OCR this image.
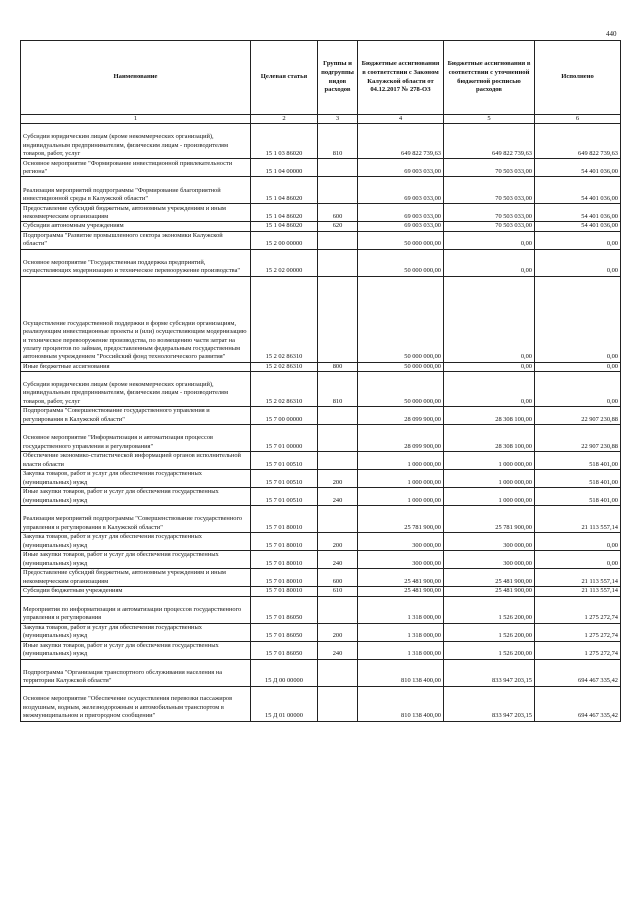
440
Наименование	Целевая статья	Группы и подгруппы видов расходов	Бюджетные ассигнования в соответствии с Законом Калужской области от 04.12.2017 № 278-ОЗ	Бюджетные ассигнования в соответствии с уточненной бюджетной росписью расходов	Исполнено
1	2	3	4	5	6
Субсидии юридическим лицам (кроме некоммерческих организаций), индивидуальным предпринимателям, физическим лицам - производителям товаров, работ, услуг	15 1 03 86020	810	649 822 739,63	649 822 739,63	649 822 739,63
Основное мероприятие "Формирование инвестиционной привлекательности региона"	15 1 04 00000		69 003 033,00	70 503 033,00	54 401 036,00
Реализация мероприятий подпрограммы "Формирование благоприятной инвестиционной среды в Калужской области"	15 1 04 86020		69 003 033,00	70 503 033,00	54 401 036,00
Предоставление субсидий бюджетным, автономным учреждениям и иным некоммерческим организациям	15 1 04 86020	600	69 003 033,00	70 503 033,00	54 401 036,00
Субсидии автономным учреждениям	15 1 04 86020	620	69 003 033,00	70 503 033,00	54 401 036,00
Подпрограмма "Развитие промышленного сектора экономики Калужской области"	15 2 00 00000		50 000 000,00	0,00	0,00
Основное мероприятие "Государственная поддержка предприятий, осуществляющих модернизацию и техническое перевооружение производства"	15 2 02 00000		50 000 000,00	0,00	0,00
Осуществление государственной поддержки в форме субсидии организациям, реализующим инвестиционные проекты и (или) осуществляющим модернизацию и техническое перевооружение производства, по возмещению части затрат на уплату процентов по займам, предоставленным федеральным государственным автономным учреждением "Российский фонд технологического развития"	15 2 02 86310		50 000 000,00	0,00	0,00
Иные бюджетные ассигнования	15 2 02 86310	800	50 000 000,00	0,00	0,00
Субсидии юридическим лицам (кроме некоммерческих организаций), индивидуальным предпринимателям, физическим лицам - производителям товаров, работ, услуг	15 2 02 86310	810	50 000 000,00	0,00	0,00
Подпрограмма "Совершенствование государственного управления и регулирования в Калужской области"	15 7 00 00000		28 099 900,00	28 308 100,00	22 907 230,88
Основное мероприятие "Информатизация и автоматизация процессов государственного управления и регулирования"	15 7 01 00000		28 099 900,00	28 308 100,00	22 907 230,88
Обеспечение экономико-статистической информацией органов исполнительной власти области	15 7 01 00510		1 000 000,00	1 000 000,00	518 401,00
Закупка товаров, работ и услуг для обеспечения государственных (муниципальных) нужд	15 7 01 00510	200	1 000 000,00	1 000 000,00	518 401,00
Иные закупки товаров, работ и услуг для обеспечения государственных (муниципальных) нужд	15 7 01 00510	240	1 000 000,00	1 000 000,00	518 401,00
Реализация мероприятий подпрограммы "Совершенствование государственного управления и регулирования в Калужской области"	15 7 01 80010		25 781 900,00	25 781 900,00	21 113 557,14
Закупка товаров, работ и услуг для обеспечения государственных (муниципальных) нужд	15 7 01 80010	200	300 000,00	300 000,00	0,00
Иные закупки товаров, работ и услуг для обеспечения государственных (муниципальных) нужд	15 7 01 80010	240	300 000,00	300 000,00	0,00
Предоставление субсидий бюджетным, автономным учреждениям и иным некоммерческим организациям	15 7 01 80010	600	25 481 900,00	25 481 900,00	21 113 557,14
Субсидии бюджетным учреждениям	15 7 01 80010	610	25 481 900,00	25 481 900,00	21 113 557,14
Мероприятия по информатизации и автоматизации процессов государственного управления и регулирования	15 7 01 86050		1 318 000,00	1 526 200,00	1 275 272,74
Закупка товаров, работ и услуг для обеспечения государственных (муниципальных) нужд	15 7 01 86050	200	1 318 000,00	1 526 200,00	1 275 272,74
Иные закупки товаров, работ и услуг для обеспечения государственных (муниципальных) нужд	15 7 01 86050	240	1 318 000,00	1 526 200,00	1 275 272,74
Подпрограмма "Организация транспортного обслуживания населения на территории Калужской области"	15 Д 00 00000		810 138 400,00	833 947 203,15	694 467 335,42
Основное мероприятие "Обеспечение осуществления перевозки пассажиров воздушным, водным, железнодорожным и автомобильным транспортом в межмуниципальном и пригородном сообщении"	15 Д 01 00000		810 138 400,00	833 947 203,15	694 467 335,42
